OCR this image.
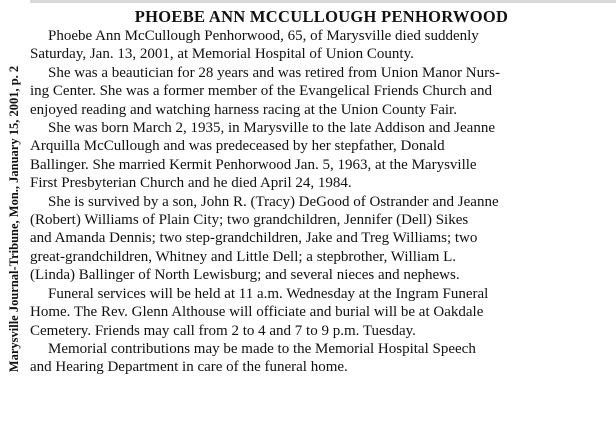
Marysville Journal-Tribune, Mon., January 15, 2001, p. 2
PHOEBE ANN MCCULLOUGH PENHORWOOD

Phoebe Ann McCullough Penhorwood, 65, of Marysville died suddenly
Saturday, Jan. 13, 2001, at Memorial Hospital of Union County.

She was a beautician for 28 years and was retired from Union Manor Nurs-
ing Center. She was a former member of the Evangelical Friends Church and
enjoyed reading and watching harness racing at the Union County Fair.

She was born March 2, 1935, in Marysville to the late Addison and Jeanne
Arquilla McCullough and was predeceased by her stepfather, Donald
Ballinger. She married Kermit Penhorwood Jan. 5, 1963, at the Marysville
First Presbyterian Church and he died April 24, 1984.

She is survived by a son, John R. (Tracy) DeGood of Ostrander and Jeanne
(Robert) Williams of Plain City; two grandchildren, Jennifer (Dell) Sikes
and Amanda Dennis; two step-grandchildren, Jake and Treg Williams; two
great-grandchildren, Whitney and Little Dell; a stepbrother, William L.
(Linda) Ballinger of North Lewisburg; and several nieces and nephews.

Funeral services will be held at 11 a.m. Wednesday at the Ingram Funeral
Home. The Rev. Glenn Althouse will officiate and burial will be at Oakdale
Cemetery. Friends may call from 2 to 4 and 7 to 9 p.m. Tuesday.

Memorial contributions may be made to the Memorial Hospital Speech
and Hearing Department in care of the funeral home.
